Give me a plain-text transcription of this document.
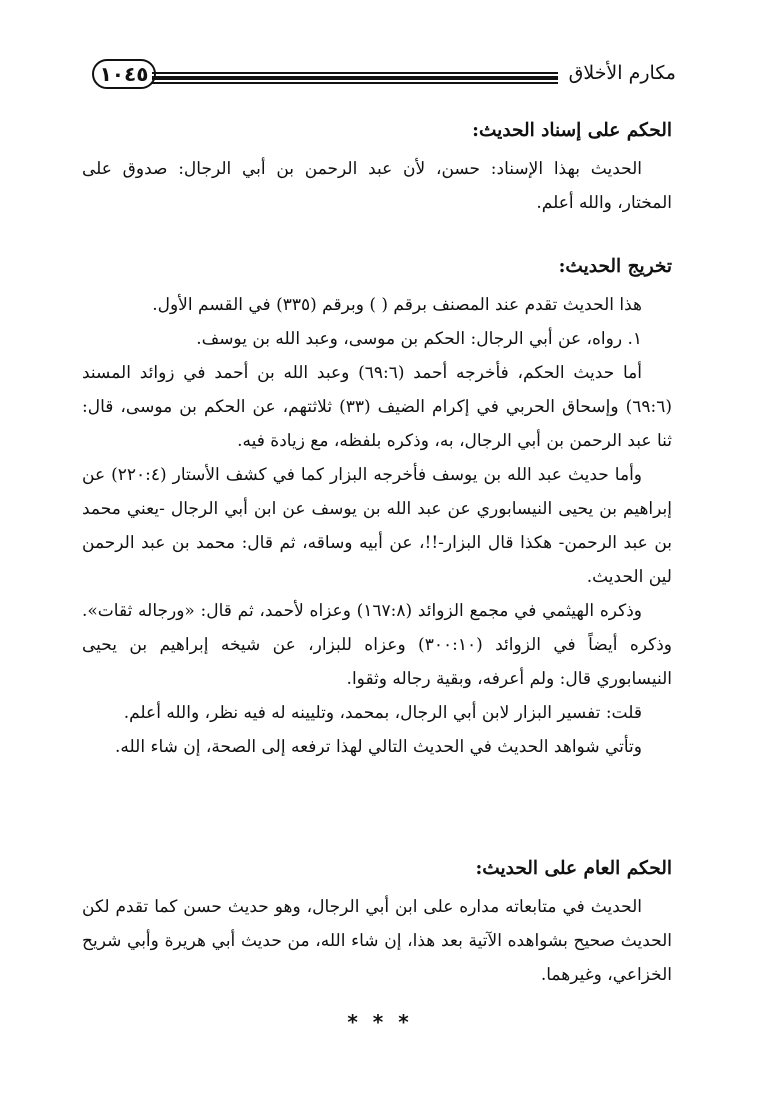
١٠٤٥	مكارم الأخلاق

الحكم على إسناد الحديث:

الحديث بهذا الإسناد: حسن، لأن عبد الرحمن بن أبي الرجال: صدوق على المختار، والله أعلم.

تخريج الحديث:

هذا الحديث تقدم عند المصنف برقم ( ) وبرقم (٣٣٥) في القسم الأول.

١. رواه، عن أبي الرجال: الحكم بن موسى، وعبد الله بن يوسف.

أما حديث الحكم، فأخرجه أحمد (٦٩:٦) وعبد الله بن أحمد في زوائد المسند (٦٩:٦) وإسحاق الحربي في إكرام الضيف (٣٣) ثلاثتهم، عن الحكم بن موسى، قال: ثنا عبد الرحمن بن أبي الرجال، به، وذكره بلفظه، مع زيادة فيه.

وأما حديث عبد الله بن يوسف فأخرجه البزار كما في كشف الأستار (٢٢٠:٤) عن إبراهيم بن يحيى النيسابوري عن عبد الله بن يوسف عن ابن أبي الرجال -يعني محمد بن عبد الرحمن- هكذا قال البزار-!!، عن أبيه وساقه، ثم قال: محمد بن عبد الرحمن لين الحديث.

وذكره الهيثمي في مجمع الزوائد (١٦٧:٨) وعزاه لأحمد، ثم قال: «ورجاله ثقات». وذكره أيضاً في الزوائد (٣٠٠:١٠) وعزاه للبزار، عن شيخه إبراهيم بن يحيى النيسابوري قال: ولم أعرفه، وبقية رجاله وثقوا.

قلت: تفسير البزار لابن أبي الرجال، بمحمد، وتليينه له فيه نظر، والله أعلم.

وتأتي شواهد الحديث في الحديث التالي لهذا ترفعه إلى الصحة، إن شاء الله.

الحكم العام على الحديث:

الحديث في متابعاته مداره على ابن أبي الرجال، وهو حديث حسن كما تقدم لكن الحديث صحيح بشواهده الآتية بعد هذا، إن شاء الله، من حديث أبي هريرة وأبي شريح الخزاعي، وغيرهما.

* * *
